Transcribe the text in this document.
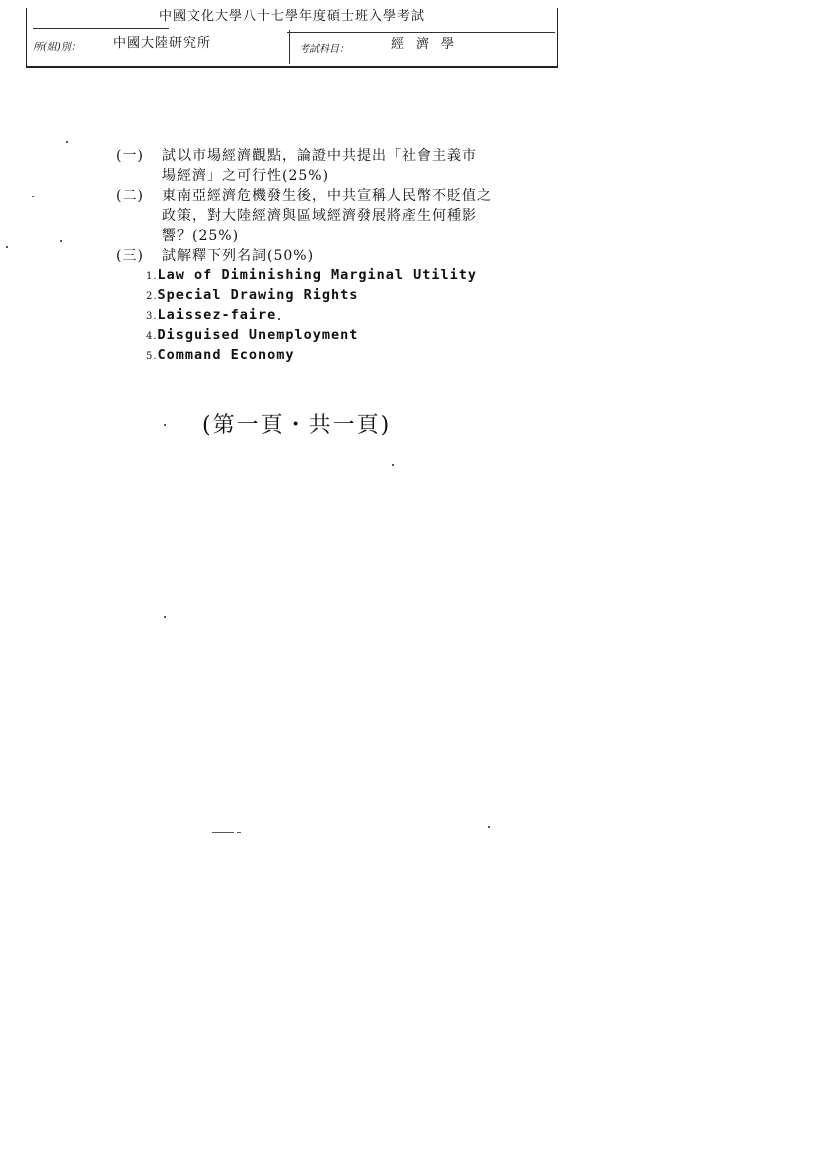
中國文化大學八十七學年度碩士班入學考試
所(組)別： 中國大陸研究所	考試科目：	經濟學
(一) 試以市場經濟觀點，論證中共提出「社會主義市
場經濟」之可行性(25%)
(二) 東南亞經濟危機發生後，中共宣稱人民幣不貶值之
政策，對大陸經濟與區域經濟發展將產生何種影
響？(25%)
(三) 試解釋下列名詞(50%)
1.Law of Diminishing Marginal Utility
2.Special Drawing Rights
3.Laissez-faire
4.Disguised Unemployment
5.Command Economy
(第一頁・共一頁)
